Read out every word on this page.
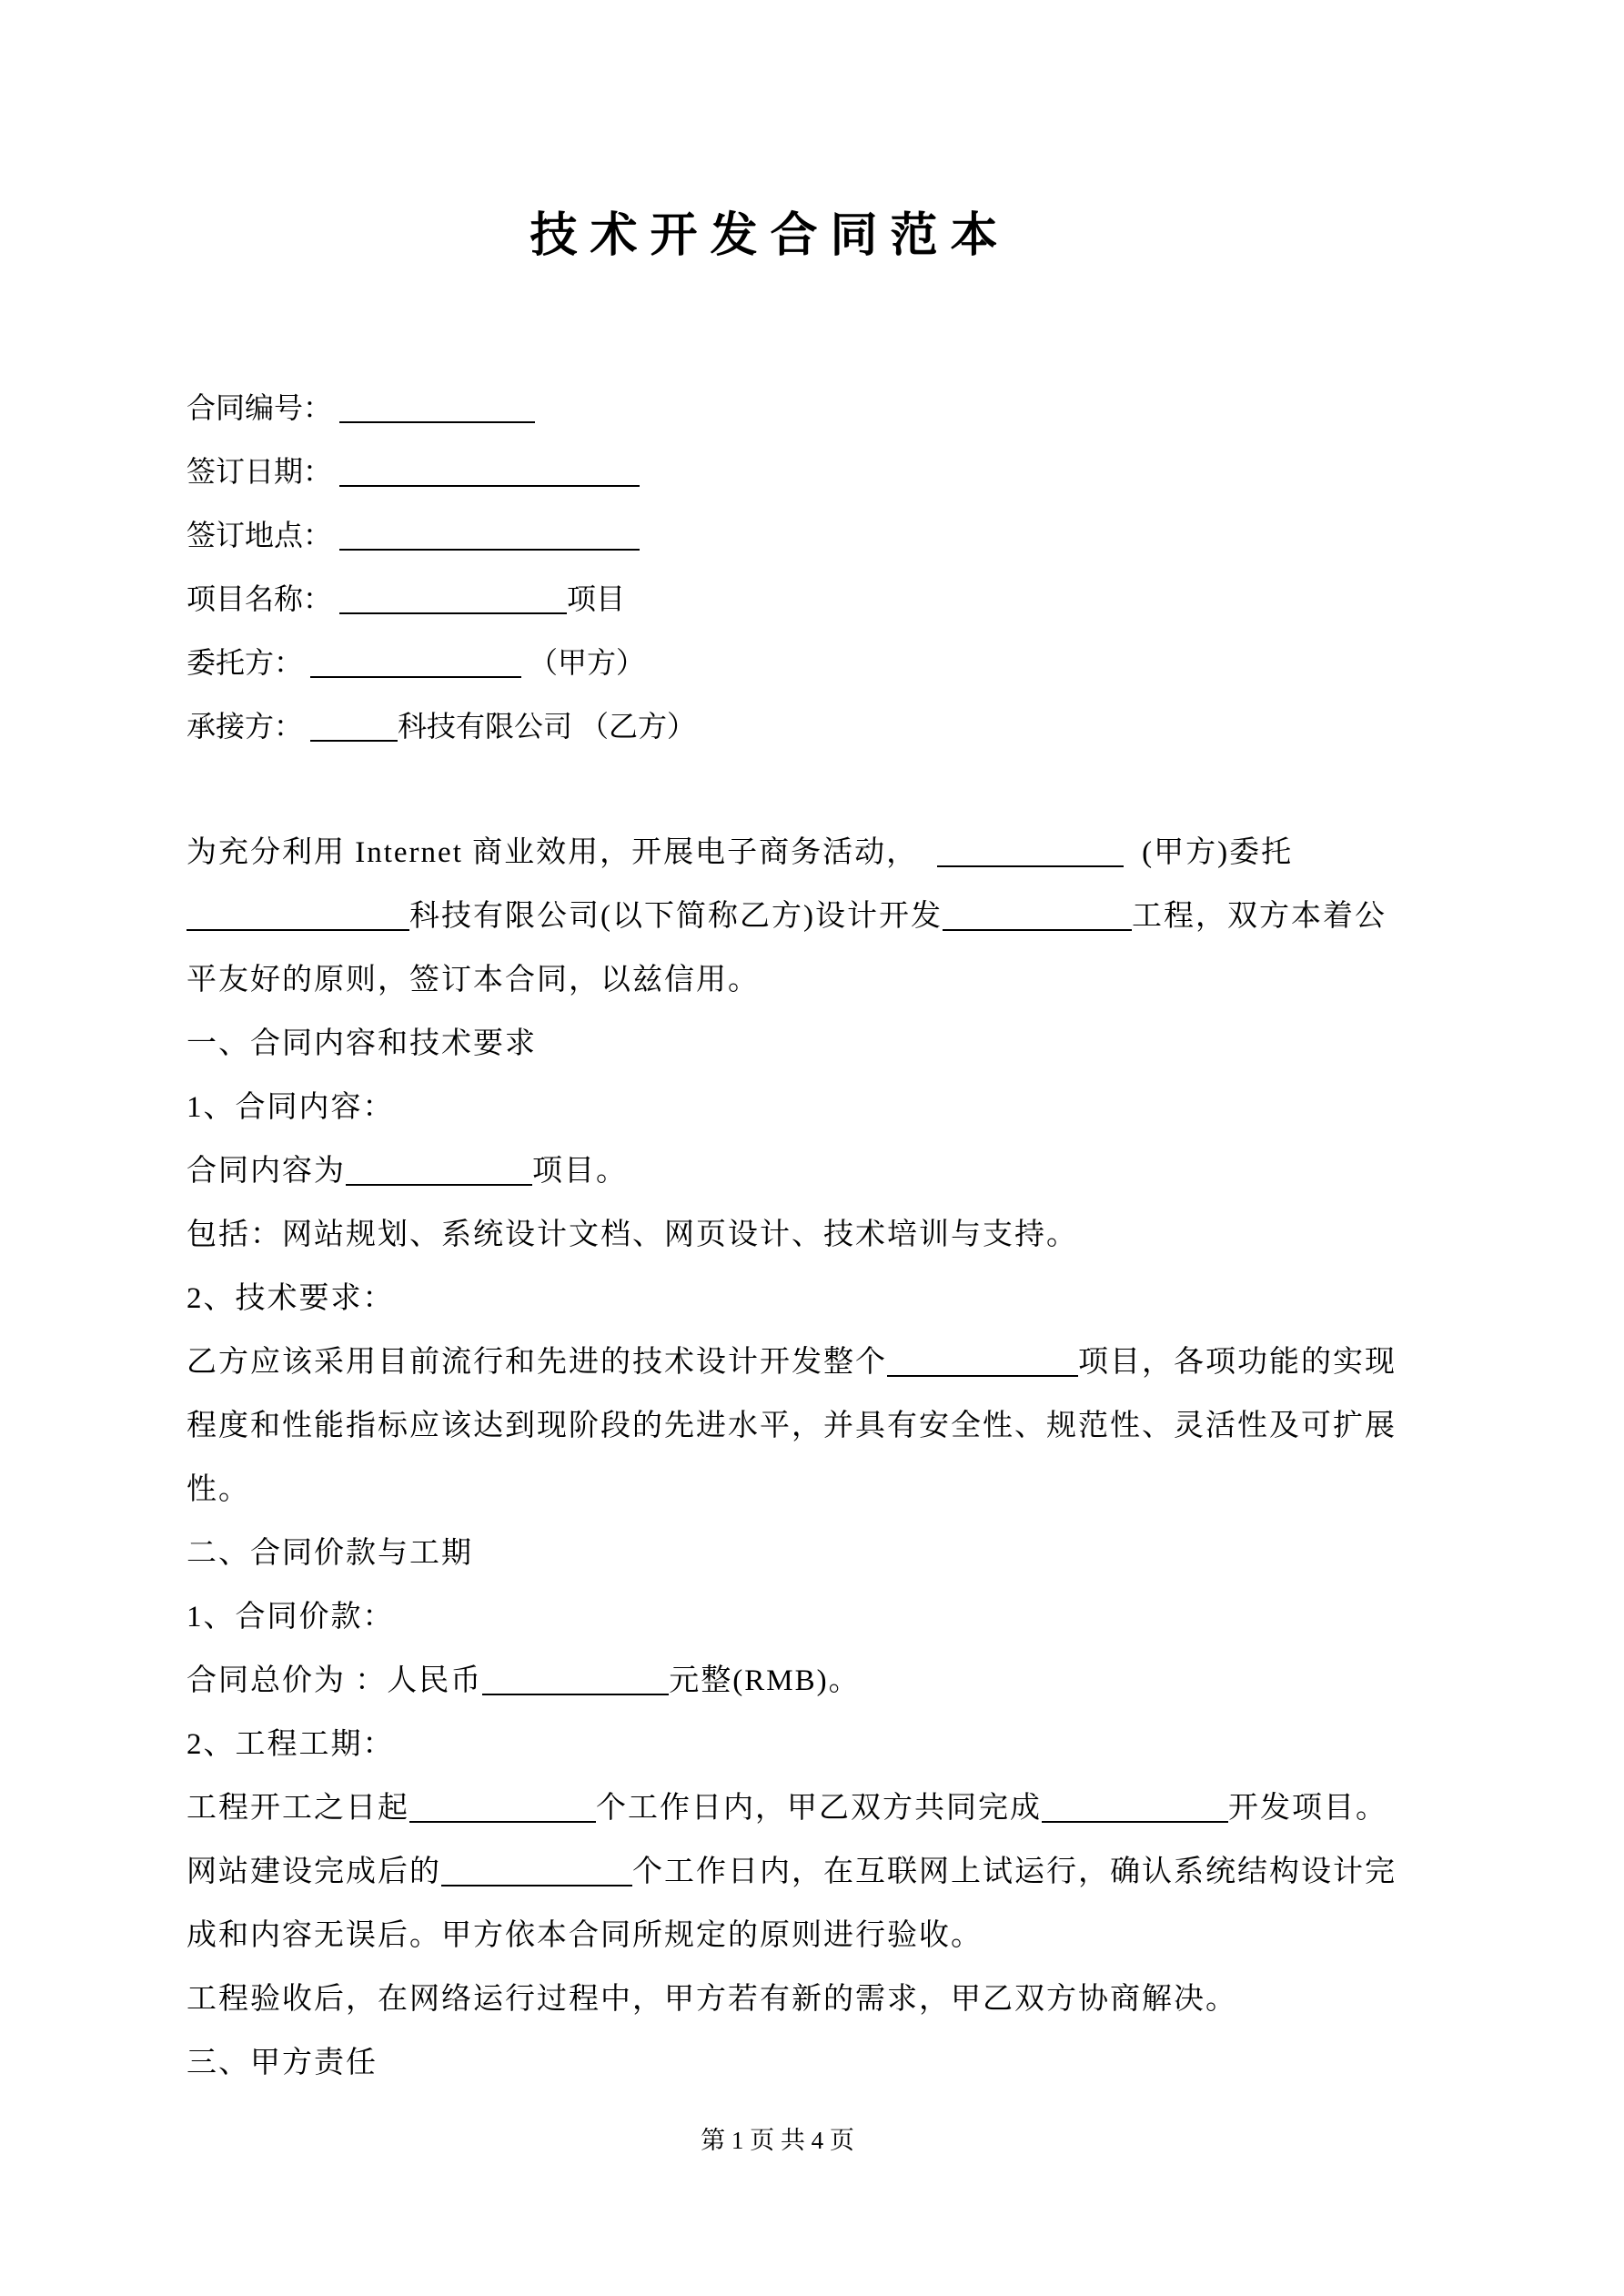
技术开发合同范本
合同编号：
签订日期：
签订地点：
项目名称：	项目
委托方：	（甲方）
承接方：	科技有限公司 （乙方）
为充分利用 Internet 商业效用，开展电子商务活动，	(甲方)委托
科技有限公司(以下简称乙方)设计开发	工程，双方本着公
平友好的原则，签订本合同，以兹信用。
一、合同内容和技术要求
1、合同内容：
合同内容为	项目。
包括：网站规划、系统设计文档、网页设计、技术培训与支持。
2、技术要求：
乙方应该采用目前流行和先进的技术设计开发整个	项目，各项功能的实现
程度和性能指标应该达到现阶段的先进水平，并具有安全性、规范性、灵活性及可扩展
性。
二、合同价款与工期
1、合同价款：
合同总价为 ：人民币	元整(RMB)。
2、工程工期：
工程开工之日起	个工作日内，甲乙双方共同完成	开发项目。
网站建设完成后的	个工作日内，在互联网上试运行，确认系统结构设计完
成和内容无误后。甲方依本合同所规定的原则进行验收。
工程验收后，在网络运行过程中，甲方若有新的需求，甲乙双方协商解决。
三、甲方责任
第 1 页 共 4 页
